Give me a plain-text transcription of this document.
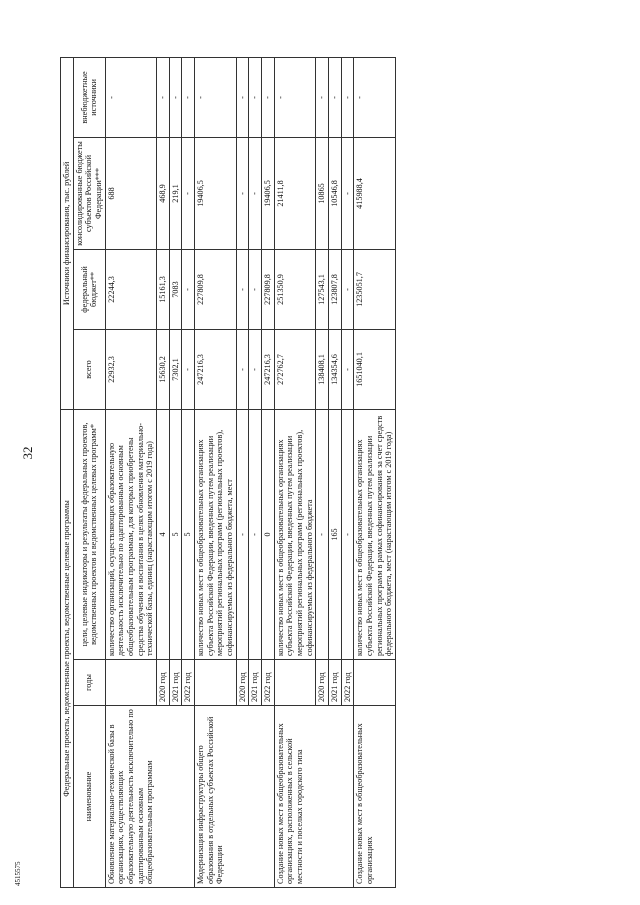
32
4515575
Федеральные проекты, ведомственные проекты, ведомственные целевые программы			Источники финансирования, тыс. рублей			
наименование	годы	цели, целевые индикаторы и результаты федеральных проектов, ведомственных проектов и ведомственных целевых программ*	всего	федеральный бюджет**	консолидированные бюджеты субъектов Российской Федерации***	внебюджетные источники
Обновление материально-технической базы в организациях, осуществляющих образовательную деятельность исключительно по адаптированным основным общеобразовательным программам		количество организаций, осуществляющих образовательную деятельность исключительно по адаптированным основным общеобразовательным программам, для которых приобретены средства обучения и воспитания в целях обновления материально-технической базы, единиц (нарастающим итогом с 2019 года)	22932,3	22244,3	688	-
	2020 год	4	15630,2	15161,3	468,9	-
	2021 год	5	7302,1	7083	219,1	-
	2022 год	5	-	-	-	-
Модернизация инфраструктуры общего образования в отдельных субъектах Российской Федерации		количество новых мест в общеобразовательных организациях субъекта Российской Федерации, введенных путем реализации мероприятий региональных программ (региональных проектов), софинансируемых из федерального бюджета, мест	247216,3	227809,8	19406,5	-
	2020 год	-	-	-	-	-
	2021 год	-	-	-	-	-
	2022 год	0	247216,3	227809,8	19406,5	-
Создание новых мест в общеобразовательных организациях, расположенных в сельской местности и поселках городского типа		количество новых мест в общеобразовательных организациях субъекта Российской Федерации, введенных путем реализации мероприятий региональных программ (региональных проектов), софинансируемых из федерального бюджета	272762,7	251350,9	21411,8	-
	2020 год	-	138408,1	127543,1	10865	-
	2021 год	165	134354,6	123807,8	10546,8	-
	2022 год	-	-	-	-	-
Создание новых мест в общеобразовательных организациях		количество новых мест в общеобразовательных организациях субъекта Российской Федерации, введенных путем реализации региональных программ в рамках софинансирования за счет средств федерального бюджета, мест (нарастающим итогом с 2019 года)	1651040,1	1235051,7	415988,4	-
